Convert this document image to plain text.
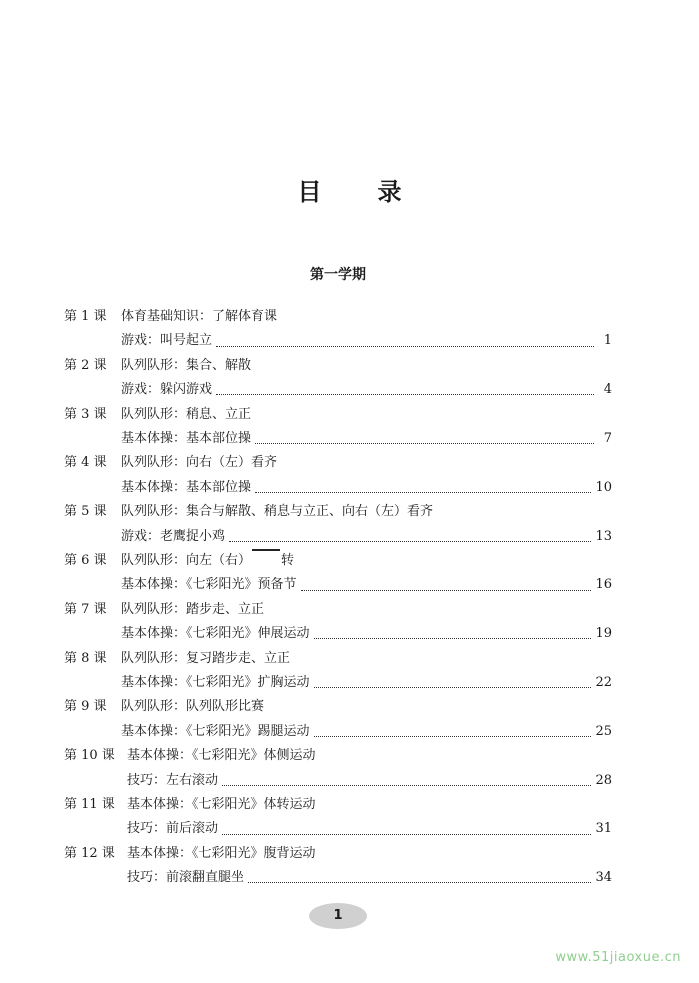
目录
第一学期
第 1 课	体育基础知识：了解体育课
游戏：叫号起立	1
第 2 课	队列队形：集合、解散
游戏：躲闪游戏	4
第 3 课	队列队形：稍息、立正
基本体操：基本部位操	7
第 4 课	队列队形：向右（左）看齐
基本体操：基本部位操	10
第 5 课	队列队形：集合与解散、稍息与立正、向右（左）看齐
游戏：老鹰捉小鸡	13
第 6 课	队列队形：向左（右） 转
基本体操：《七彩阳光》预备节	16
第 7 课	队列队形：踏步走、立正
基本体操：《七彩阳光》伸展运动	19
第 8 课	队列队形：复习踏步走、立正
基本体操：《七彩阳光》扩胸运动	22
第 9 课	队列队形：队列队形比赛
基本体操：《七彩阳光》踢腿运动	25
第 10 课 基本体操：《七彩阳光》体侧运动
技巧：左右滚动	28
第 11 课 基本体操：《七彩阳光》体转运动
技巧：前后滚动	31
第 12 课 基本体操：《七彩阳光》腹背运动
技巧：前滚翻直腿坐	34
1
www.51jiaoxue.cn
